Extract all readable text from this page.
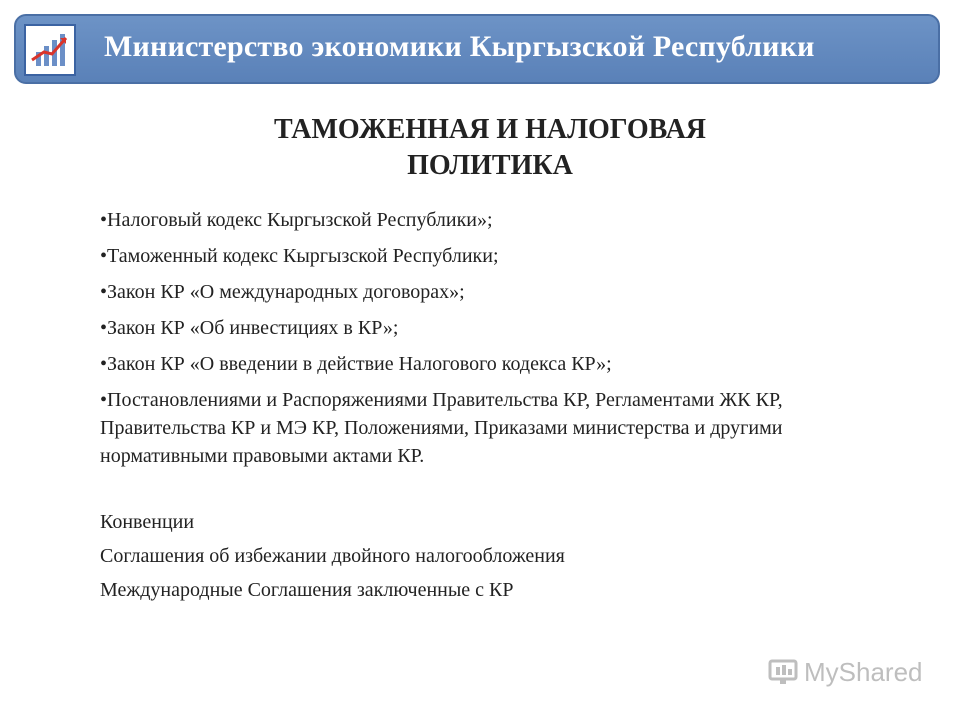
Министерство экономики Кыргызской Республики
ТАМОЖЕННАЯ И НАЛОГОВАЯ
ПОЛИТИКА
• Налоговый кодекс Кыргызской Республики»;
• Таможенный кодекс Кыргызской Республики;
• Закон КР «О международных договорах»;
• Закон КР «Об инвестициях в КР»;
• Закон КР «О введении в действие Налогового кодекса КР»;
• Постановлениями и Распоряжениями Правительства КР, Регламентами ЖК КР, Правительства КР и МЭ КР, Положениями, Приказами министерства и другими нормативными правовыми актами КР.
Конвенции
Соглашения об избежании двойного налогообложения
Международные Соглашения заключенные с КР
MyShared
